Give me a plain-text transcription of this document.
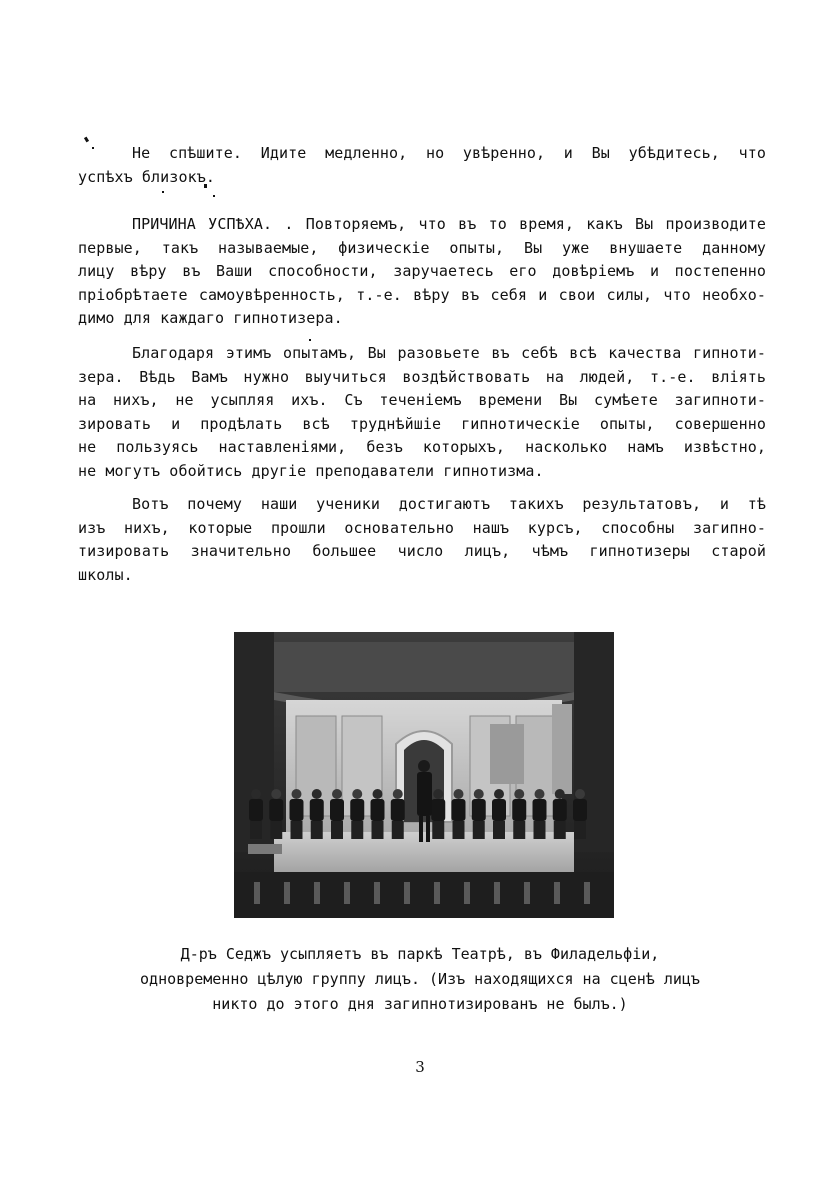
Не спѣшите. Идите медленно, но увѣренно, и Вы убѣдитесь, что
успѣхъ близокъ.

ПРИЧИНА УСПѢХА. . Повторяемъ, что въ то время, какъ Вы производите
первые, такъ называемые, физическіе опыты, Вы уже внушаете данному
лицу вѣру въ Ваши способности, заручаетесь его довѣріемъ и постепенно
пріобрѣтаете самоувѣренность, т.-е. вѣру въ себя и свои силы, что необхо-
димо для каждаго гипнотизера.

Благодаря этимъ опытамъ, Вы разовьете въ себѣ всѣ качества гипноти-
зера. Вѣдь Вамъ нужно выучиться воздѣйствовать на людей, т.-е. влiять
на нихъ, не усыпляя ихъ. Съ теченіемъ времени Вы сумѣете загипноти-
зировать и продѣлать всѣ труднѣйшіе гипнотическіе опыты, совершенно
не пользуясь наставленіями, безъ которыхъ, насколько намъ извѣстно,
не могутъ обойтись другіе преподаватели гипнотизма.

Вотъ почему наши ученики достигаютъ такихъ результатовъ, и тѣ
изъ нихъ, которые прошли основательно нашъ курсъ, способны загипно-
тизировать значительно большее число лицъ, чѣмъ гипнотизеры старой
школы.

Д-ръ Седжъ усыпляетъ въ паркѣ Театрѣ, въ Филадельфіи,
одновременно цѣлую группу лицъ. (Изъ находящихся на сценѣ лицъ
никто до этого дня загипнотизированъ не былъ.)
3
